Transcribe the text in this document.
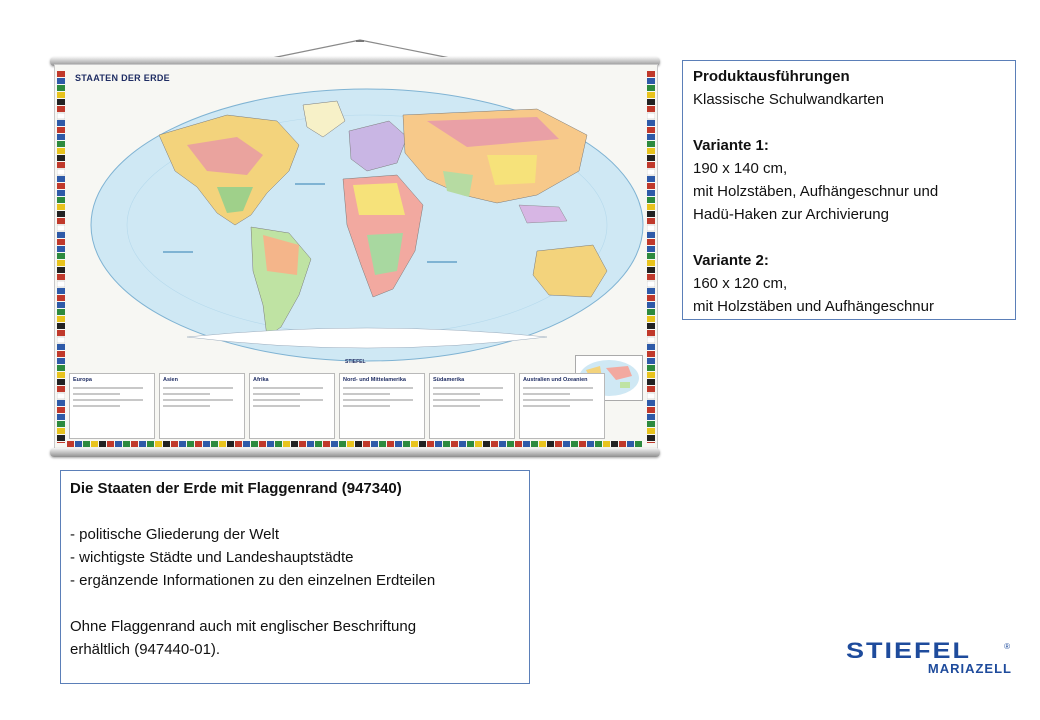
STAATEN DER ERDE
STIEFEL
Europa	Asien	Afrika	Nord- und Mittelamerika	Südamerika	Australien und Ozeanien

Produktausführungen

Klassische Schulwandkarten

Variante 1:

190 x 140 cm,

mit Holzstäben, Aufhängeschnur und

Hadü-Haken zur Archivierung

Variante 2:

160 x 120 cm,

mit Holzstäben und Aufhängeschnur

Die Staaten der Erde mit Flaggenrand (947340)

- politische Gliederung der Welt

- wichtigste Städte und Landeshauptstädte

- ergänzende Informationen zu den einzelnen Erdteilen

Ohne Flaggenrand auch mit englischer Beschriftung

erhältlich (947440-01).	STIEFEL	®
MARIAZELL
